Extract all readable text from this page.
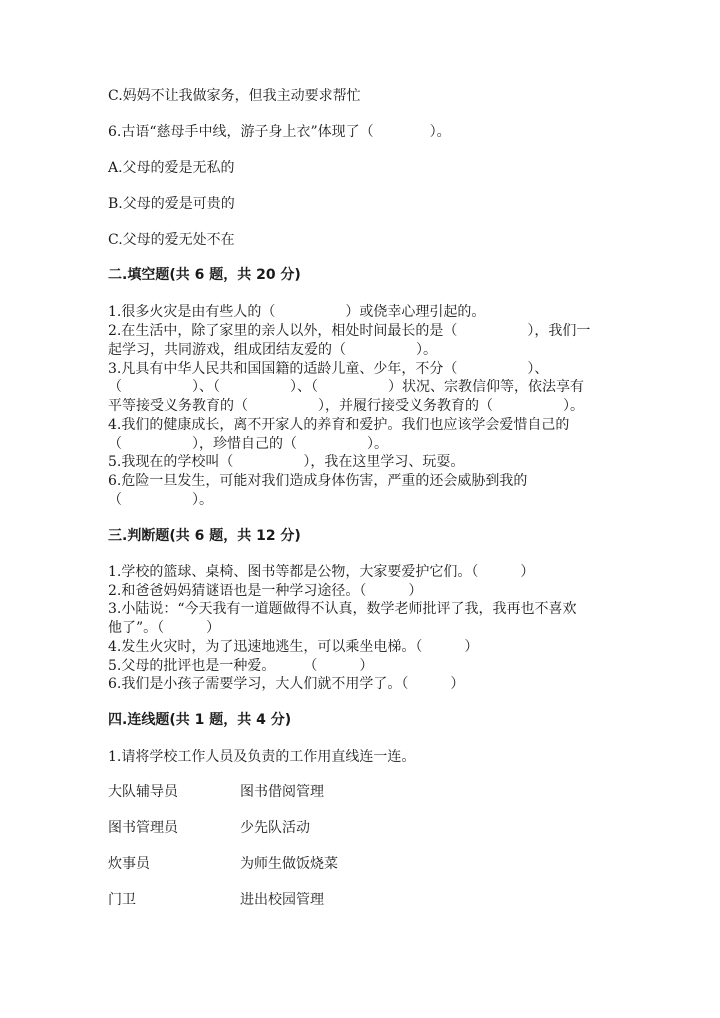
C.妈妈不让我做家务，但我主动要求帮忙
6.古语“慈母手中线，游子身上衣”体现了（　　　　）。
A.父母的爱是无私的
B.父母的爱是可贵的
C.父母的爱无处不在
二.填空题(共 6 题，共 20 分)
1.很多火灾是由有些人的（　　　　　）或侥幸心理引起的。
2.在生活中，除了家里的亲人以外，相处时间最长的是（　　　　　），我们一
起学习，共同游戏，组成团结友爱的（　　　　　）。
3.凡具有中华人民共和国国籍的适龄儿童、少年，不分（　　　　　）、
（　　　　　）、（　　　　　）、（　　　　　）状况、宗教信仰等，依法享有
平等接受义务教育的（　　　　　），并履行接受义务教育的（　　　　　）。
4.我们的健康成长，离不开家人的养育和爱护。我们也应该学会爱惜自己的
（　　　　　），珍惜自己的（　　　　　）。
5.我现在的学校叫（　　　　　），我在这里学习、玩耍。
6.危险一旦发生，可能对我们造成身体伤害，严重的还会威胁到我的
（　　　　　）。
三.判断题(共 6 题，共 12 分)
1.学校的篮球、桌椅、图书等都是公物，大家要爱护它们。（　　　）
2.和爸爸妈妈猜谜语也是一种学习途径。（　　　）
3.小陆说：“今天我有一道题做得不认真，数学老师批评了我，我再也不喜欢
他了”。（　　　）
4.发生火灾时，为了迅速地逃生，可以乘坐电梯。（　　　）
5.父母的批评也是一种爱。　　　（　　　）
6.我们是小孩子需要学习，大人们就不用学了。（　　　）
四.连线题(共 1 题，共 4 分)
1.请将学校工作人员及负责的工作用直线连一连。
大队辅导员	图书借阅管理
图书管理员	少先队活动
炊事员	为师生做饭烧菜
门卫	进出校园管理
